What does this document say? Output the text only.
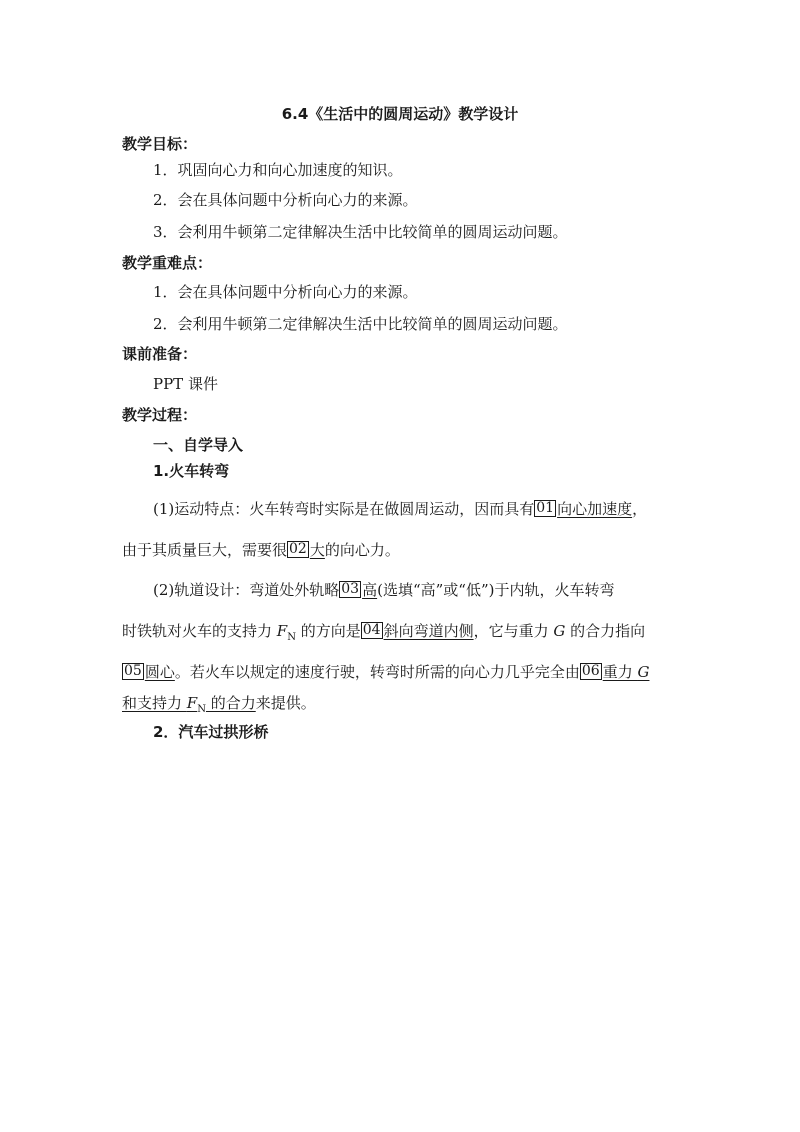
6.4《生活中的圆周运动》教学设计
教学目标：
1．巩固向心力和向心加速度的知识。
2．会在具体问题中分析向心力的来源。
3．会利用牛顿第二定律解决生活中比较简单的圆周运动问题。
教学重难点：
1．会在具体问题中分析向心力的来源。
2．会利用牛顿第二定律解决生活中比较简单的圆周运动问题。
课前准备：
PPT 课件
教学过程：
一、自学导入
1.火车转弯
(1)运动特点：火车转弯时实际是在做圆周运动，因而具有 01 向心加速度，
由于其质量巨大，需要很 02 大的向心力。
(2)轨道设计：弯道处外轨略 03 高(选填“高”或“低”)于内轨，火车转弯
时铁轨对火车的支持力 $F_N$ 的方向是 04 斜向弯道内侧，它与重力 G 的合力指向
05 圆心。若火车以规定的速度行驶，转弯时所需的向心力几乎完全由 06 重力 G
和支持力 $F_N$ 的合力来提供。
2．汽车过拱形桥
